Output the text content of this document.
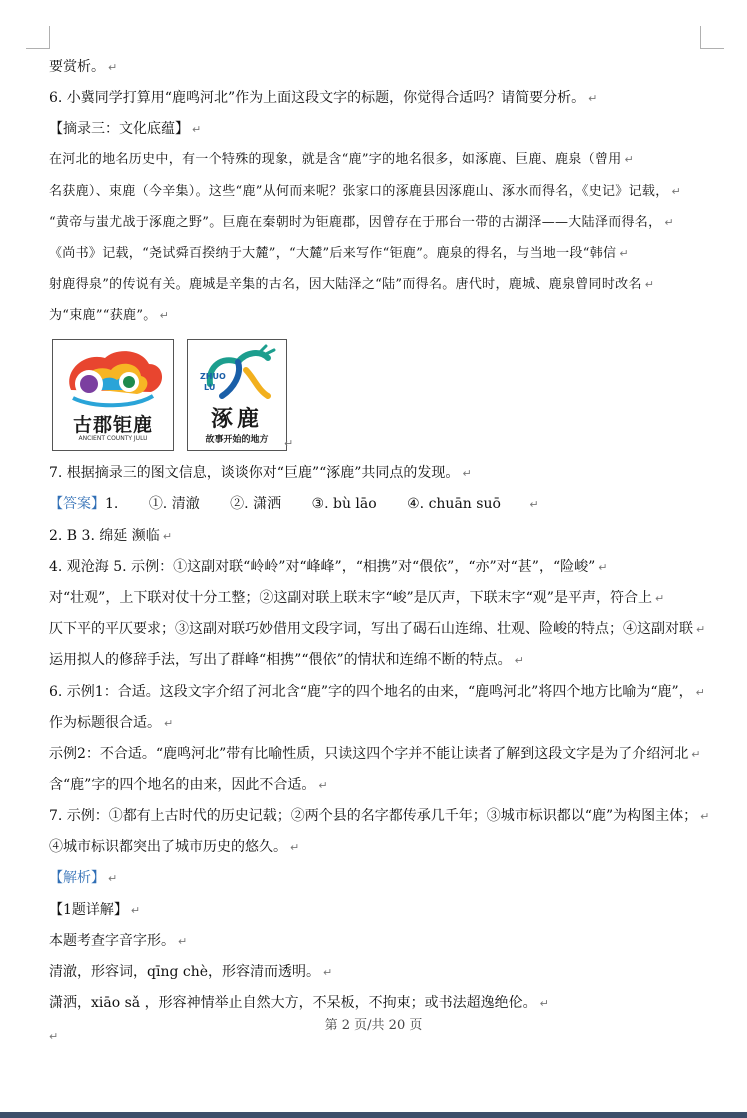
要赏析。 ↵
6. 小冀同学打算用“鹿鸣河北”作为上面这段文字的标题，你觉得合适吗？请简要分析。 ↵
【摘录三：文化底蕴】 ↵
在河北的地名历史中，有一个特殊的现象，就是含“鹿”字的地名很多，如涿鹿、巨鹿、鹿泉（曾用 ↵
名获鹿）、束鹿（今辛集）。这些“鹿”从何而来呢？张家口的涿鹿县因涿鹿山、涿水而得名，《史记》记载， ↵
“黄帝与蚩尤战于涿鹿之野”。巨鹿在秦朝时为钜鹿郡，因曾存在于邢台一带的古湖泽——大陆泽而得名， ↵
《尚书》记载，“尧试舜百揆纳于大麓”，“大麓”后来写作“钜鹿”。鹿泉的得名，与当地一段“韩信 ↵
射鹿得泉”的传说有关。鹿城是辛集的古名，因大陆泽之“陆”而得名。唐代时，鹿城、鹿泉曾同时改名 ↵
为“束鹿”“获鹿”。 ↵
7. 根据摘录三的图文信息，谈谈你对“巨鹿”“涿鹿”共同点的发现。 ↵
2. B 3. 绵延 濒临 ↵
4. 观沧海 5. 示例：①这副对联“岭岭”对“峰峰”，“相携”对“偎依”，“亦”对“甚”，“险峻” ↵
对“壮观”，上下联对仗十分工整；②这副对联上联末字“峻”是仄声，下联末字“观”是平声，符合上 ↵
仄下平的平仄要求；③这副对联巧妙借用文段字词，写出了碣石山连绵、壮观、险峻的特点；④这副对联 ↵
运用拟人的修辞手法，写出了群峰“相携”“偎依”的情状和连绵不断的特点。 ↵
6. 示例1：合适。这段文字介绍了河北含“鹿”字的四个地名的由来，“鹿鸣河北”将四个地方比喻为“鹿”， ↵
作为标题很合适。 ↵
示例2：不合适。“鹿鸣河北”带有比喻性质，只读这四个字并不能让读者了解到这段文字是为了介绍河北 ↵
含“鹿”字的四个地名的由来，因此不合适。 ↵
7. 示例：①都有上古时代的历史记载；②两个县的名字都传承几千年；③城市标识都以“鹿”为构图主体； ↵
④城市标识都突出了城市历史的悠久。 ↵
【1题详解】 ↵
本题考查字音字形。 ↵
清澈，形容词，qīng chè，形容清而透明。 ↵
潇洒，xiāo sǎ ，形容神情举止自然大方，不呆板，不拘束；或书法超逸绝伦。 ↵
【答案】1. ①. 清澈 ②. 潇洒 ③. bù lāo ④. chuān suō	↵
【解析】 ↵
古郡钜鹿
ANCIENT COUNTY JULU
ZHUO
LU
涿鹿
故事开始的地方	↵
第 2 页/共 20 页
↵
